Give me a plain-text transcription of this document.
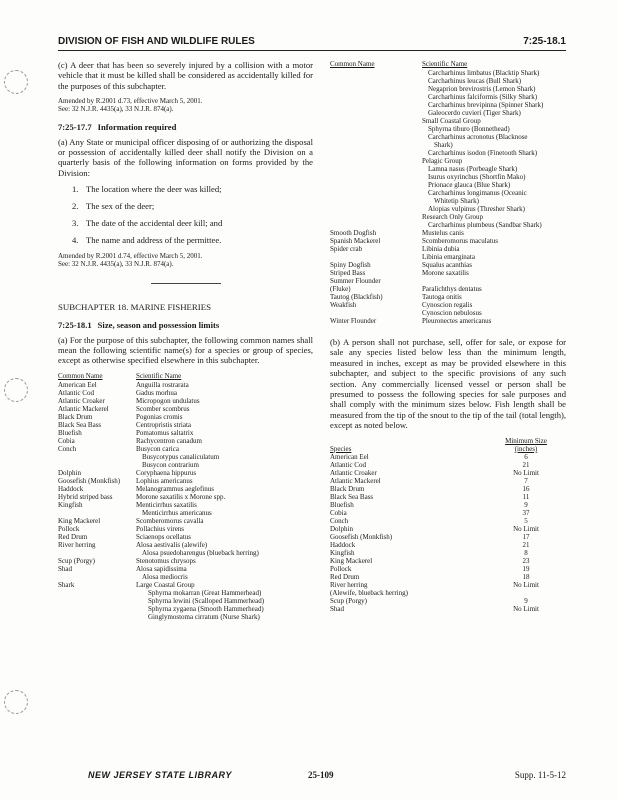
DIVISION OF FISH AND WILDLIFE RULES	7:25-18.1

(c) A deer that has been so severely injured by a collision with a motor vehicle that it must be killed shall be considered as accidentally killed for the purposes of this subchapter.

Amended by R.2001 d.73, effective March 5, 2001.
See: 32 N.J.R. 4435(a), 33 N.J.R. 874(a).

7:25-17.7 Information required

(a) Any State or municipal officer disposing of or authorizing the disposal or possession of accidentally killed deer shall notify the Division on a quarterly basis of the following information on forms provided by the Division:

1. The location where the deer was killed;
2. The sex of the deer;
3. The date of the accidental deer kill; and
4. The name and address of the permittee.

Amended by R.2001 d.74, effective March 5, 2001.
See: 32 N.J.R. 4435(a), 33 N.J.R. 874(a).

SUBCHAPTER 18. MARINE FISHERIES
7:25-18.1 Size, season and possession limits

(a) For the purpose of this subchapter, the following common names shall mean the following scientific name(s) for a species or group of species, except as otherwise specified elsewhere in this subchapter.

Common Name	Scientific Name
American Eel	Anguilla rostrarata
Atlantic Cod	Gadus morhua
Atlantic Croaker	Micropogon undulatus
Atlantic Mackerel	Scomber scombrus
Black Drum	Pogonias cromis
Black Sea Bass	Centropristis striata
Bluefish	Pomatomus saltatrix
Cobia	Rachycentron canadum
Conch	Busycon carica
	Busycotypus canaliculatum
	Busycon contrarium
Dolphin	Coryphaena hippurus
Goosefish (Monkfish)	Lophius americanus
Haddock	Melanogrammus aeglefinus
Hybrid striped bass	Morone saxatilis x Morone spp.
Kingfish	Menticirrhus saxatilis
	Menticirrhus americanus
King Mackerel	Scomberomorus cavalla
Pollock	Pollachius virens
Red Drum	Sciaenops ocellatus
River herring	Alosa aestivalis (alewife)
	Alosa psuedoharengus (blueback herring)
Scup (Porgy)	Stenotomus chrysops
Shad	Alosa sapidissima
	Alosa mediocris
Shark	Large Coastal Group
	Sphyrna mokarran (Great Hammerhead)
	Sphyrna lewini (Scalloped Hammerhead)
	Sphyrna zygaena (Smooth Hammerhead)
	Ginglymostoma cirratum (Nurse Shark)
Common Name	Scientific Name
	Carcharhinus limbatus (Blacktip Shark)
	Carcharhinus leucas (Bull Shark)
	Negaprion brevirostris (Lemon Shark)
	Carcharhinus falciformis (Silky Shark)
	Carcharhinus brevipinna (Spinner Shark)
	Galeocerdo cuvieri (Tiger Shark)
	Small Coastal Group
	Sphyrna tiburo (Bonnethead)
	Carcharhinus acronotus (Blacknose
	Shark)
	Carcharhinus isodon (Finetooth Shark)
	Pelagic Group
	Lamna nasus (Porbeagle Shark)
	Isurus oxyrinchus (Shortfin Mako)
	Prionace glauca (Blue Shark)
	Carcharhinus longimanus (Oceanic
	Whitetip Shark)
	Alopias vulpinus (Thresher Shark)
	Research Only Group
	Carcharhinus plumbeus (Sandbar Shark)
Smooth Dogfish	Mustelus canis
Spanish Mackerel	Scomberomorus maculatus
Spider crab	Libinia dubia
	Libinia emarginata
Spiny Dogfish	Squalus acanthias
Striped Bass	Morone saxatilis
Summer Flounder	
(Fluke)	Paralichthys dentatus
Tautog (Blackfish)	Tautoga onitis
Weakfish	Cynoscion regalis
	Cynoscion nebulosus
Winter Flounder	Pleuronectes americanus

(b) A person shall not purchase, sell, offer for sale, or expose for sale any species listed below less than the minimum length, measured in inches, except as may be provided elsewhere in this subchapter, and subject to the specific provisions of any such section. Any commercially licensed vessel or person shall be presumed to possess the following species for sale purposes and shall comply with the minimum sizes below. Fish length shall be measured from the tip of the snout to the tip of the tail (total length), except as noted below.

	Minimum Size
Species	(inches)
American Eel	6
Atlantic Cod	21
Atlantic Croaker	No Limit
Atlantic Mackerel	7
Black Drum	16
Black Sea Bass	11
Bluefish	9
Cobia	37
Conch	5
Dolphin	No Limit
Goosefish (Monkfish)	17
Haddock	21
Kingfish	8
King Mackerel	23
Pollock	19
Red Drum	18
River herring	No Limit
(Alewife, blueback herring)	
Scup (Porgy)	9
Shad	No Limit
NEW JERSEY STATE LIBRARY	25-109	Supp. 11-5-12
